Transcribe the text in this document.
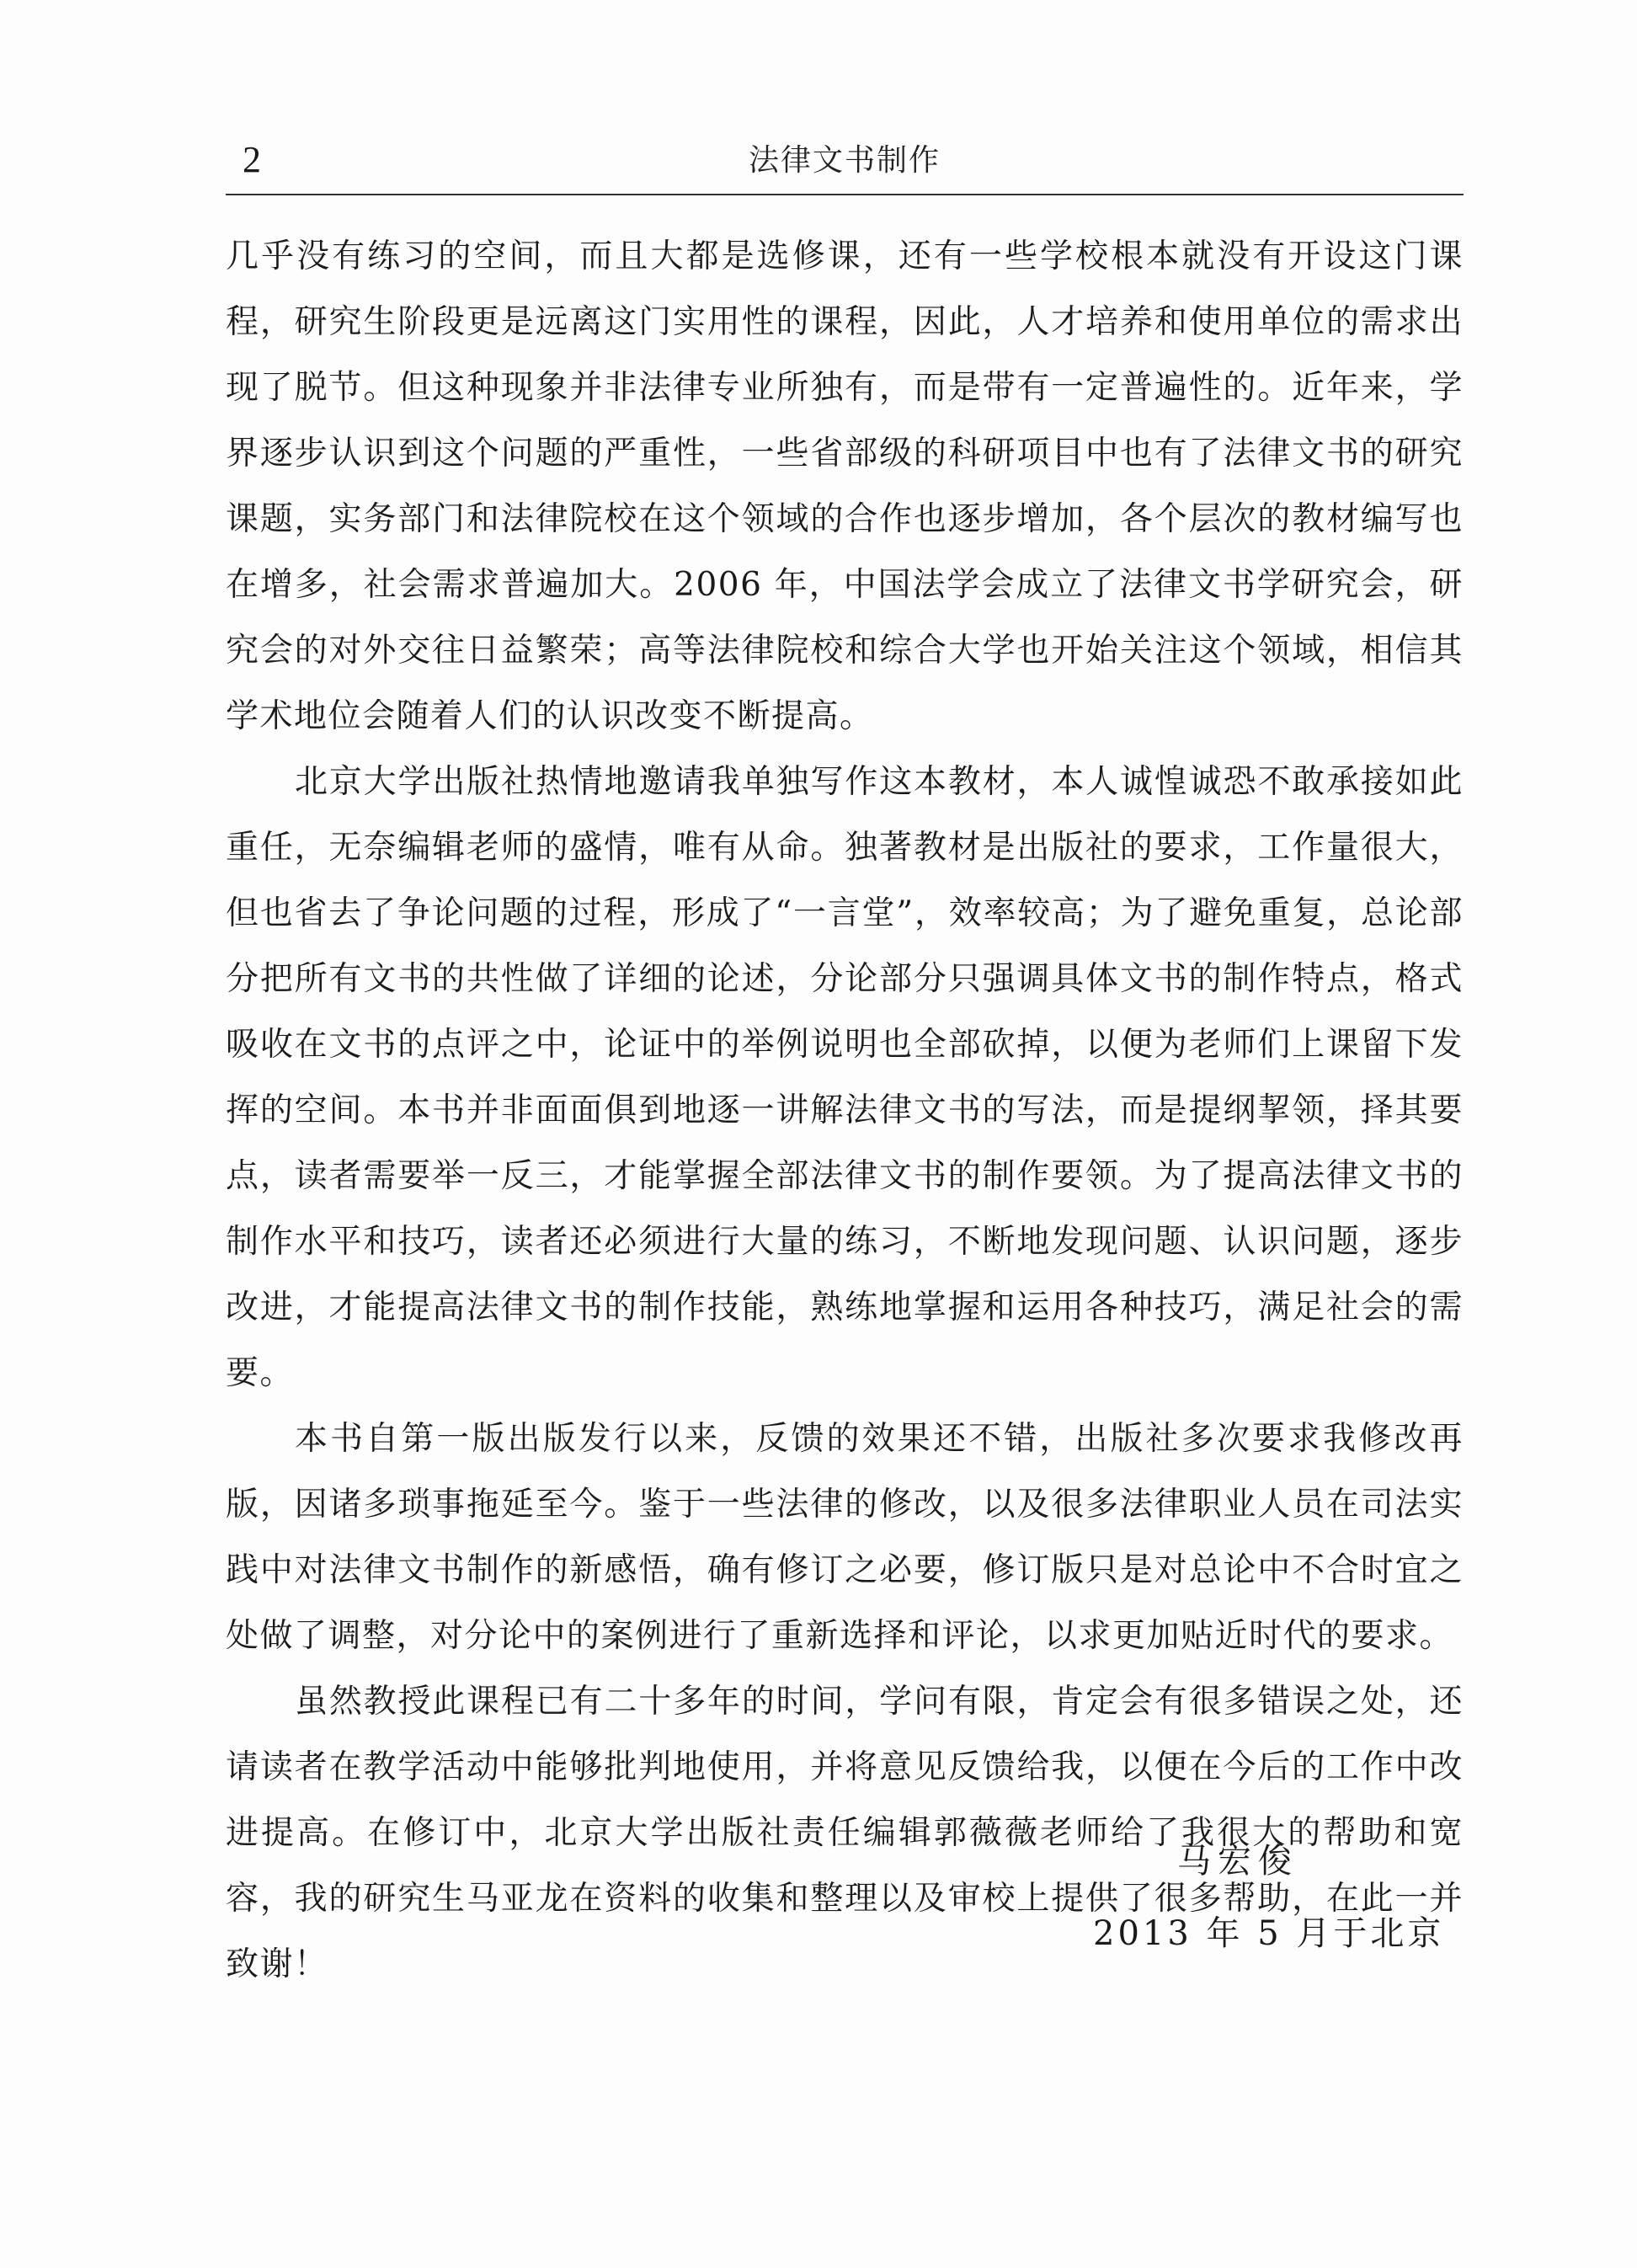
2	法律文书制作

几乎没有练习的空间，而且大都是选修课，还有一些学校根本就没有开设这门课程，研究生阶段更是远离这门实用性的课程，因此，人才培养和使用单位的需求出现了脱节。但这种现象并非法律专业所独有，而是带有一定普遍性的。近年来，学界逐步认识到这个问题的严重性，一些省部级的科研项目中也有了法律文书的研究课题，实务部门和法律院校在这个领域的合作也逐步增加，各个层次的教材编写也在增多，社会需求普遍加大。2006 年，中国法学会成立了法律文书学研究会，研究会的对外交往日益繁荣；高等法律院校和综合大学也开始关注这个领域，相信其学术地位会随着人们的认识改变不断提高。

北京大学出版社热情地邀请我单独写作这本教材，本人诚惶诚恐不敢承接如此重任，无奈编辑老师的盛情，唯有从命。独著教材是出版社的要求，工作量很大，但也省去了争论问题的过程，形成了“一言堂”，效率较高；为了避免重复，总论部分把所有文书的共性做了详细的论述，分论部分只强调具体文书的制作特点，格式吸收在文书的点评之中，论证中的举例说明也全部砍掉，以便为老师们上课留下发挥的空间。本书并非面面俱到地逐一讲解法律文书的写法，而是提纲挈领，择其要点，读者需要举一反三，才能掌握全部法律文书的制作要领。为了提高法律文书的制作水平和技巧，读者还必须进行大量的练习，不断地发现问题、认识问题，逐步改进，才能提高法律文书的制作技能，熟练地掌握和运用各种技巧，满足社会的需要。

本书自第一版出版发行以来，反馈的效果还不错，出版社多次要求我修改再版，因诸多琐事拖延至今。鉴于一些法律的修改，以及很多法律职业人员在司法实践中对法律文书制作的新感悟，确有修订之必要，修订版只是对总论中不合时宜之处做了调整，对分论中的案例进行了重新选择和评论，以求更加贴近时代的要求。

虽然教授此课程已有二十多年的时间，学问有限，肯定会有很多错误之处，还请读者在教学活动中能够批判地使用，并将意见反馈给我，以便在今后的工作中改进提高。在修订中，北京大学出版社责任编辑郭薇薇老师给了我很大的帮助和宽容，我的研究生马亚龙在资料的收集和整理以及审校上提供了很多帮助，在此一并致谢！

马宏俊
2013 年 5 月于北京
